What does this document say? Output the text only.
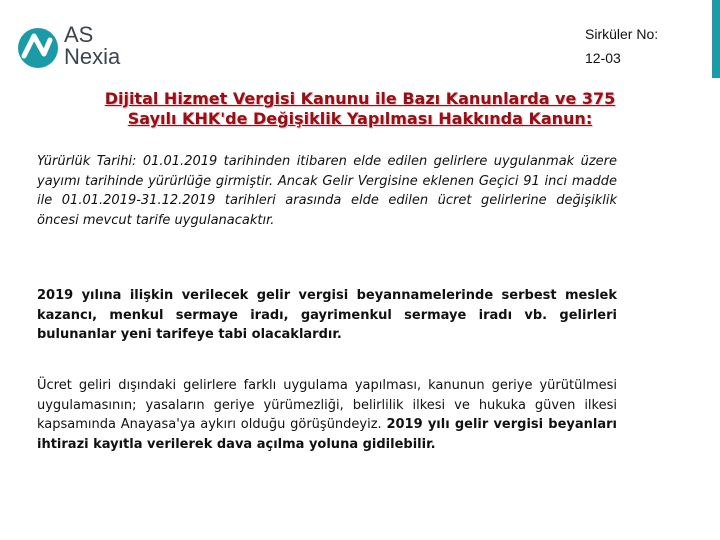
AS
Nexia
Sirküler No:
12-03
Dijital Hizmet Vergisi Kanunu ile Bazı Kanunlarda ve 375
Sayılı KHK'de Değişiklik Yapılması Hakkında Kanun:
Yürürlük Tarihi: 01.01.2019 tarihinden itibaren elde edilen gelirlere uygulanmak üzere yayımı tarihinde yürürlüğe girmiştir. Ancak Gelir Vergisine eklenen Geçici 91 inci madde ile 01.01.2019-31.12.2019 tarihleri arasında elde edilen ücret gelirlerine değişiklik öncesi mevcut tarife uygulanacaktır.
2019 yılına ilişkin verilecek gelir vergisi beyannamelerinde serbest meslek kazancı, menkul sermaye iradı, gayrimenkul sermaye iradı vb. gelirleri bulunanlar yeni tarifeye tabi olacaklardır.
Ücret geliri dışındaki gelirlere farklı uygulama yapılması, kanunun geriye yürütülmesi uygulamasının; yasaların geriye yürümezliği, belirlilik ilkesi ve hukuka güven ilkesi kapsamında Anayasa'ya aykırı olduğu görüşündeyiz. 2019 yılı gelir vergisi beyanları ihtirazi kayıtla verilerek dava açılma yoluna gidilebilir.
